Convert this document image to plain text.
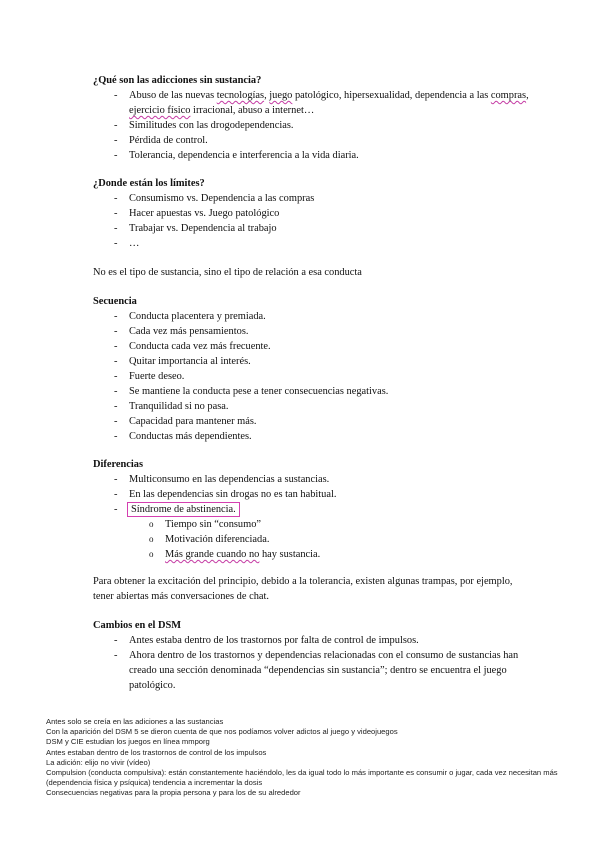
¿Qué son las adicciones sin sustancia?
- Abuso de las nuevas tecnologías, juego patológico, hipersexualidad, dependencia a las compras, ejercicio físico irracional, abuso a internet…
- Similitudes con las drogodependencias.
- Pérdida de control.
- Tolerancia, dependencia e interferencia a la vida diaria.
¿Donde están los límites?
- Consumismo vs. Dependencia a las compras
- Hacer apuestas vs. Juego patológico
- Trabajar vs. Dependencia al trabajo
- …

No es el tipo de sustancia, sino el tipo de relación a esa conducta

Secuencia
- Conducta placentera y premiada.
- Cada vez más pensamientos.
- Conducta cada vez más frecuente.
- Quitar importancia al interés.
- Fuerte deseo.
- Se mantiene la conducta pese a tener consecuencias negativas.
- Tranquilidad si no pasa.
- Capacidad para mantener más.
- Conductas más dependientes.
Diferencias
- Multiconsumo en las dependencias a sustancias.
- En las dependencias sin drogas no es tan habitual.
- Síndrome de abstinencia.
o Tiempo sin “consumo”
o Motivación diferenciada.
o Más grande cuando no hay sustancia.

Para obtener la excitación del principio, debido a la tolerancia, existen algunas trampas, por ejemplo, tener abiertas más conversaciones de chat.

Cambios en el DSM
- Antes estaba dentro de los trastornos por falta de control de impulsos.
- Ahora dentro de los trastornos y dependencias relacionadas con el consumo de sustancias han creado una sección denominada “dependencias sin sustancia”; dentro se encuentra el juego patológico.
Antes solo se creía en las adiciones a las sustancias
Con la aparición del DSM 5 se dieron cuenta de que nos podíamos volver adictos al juego y videojuegos
DSM y CIE estudian los juegos en línea mmporg
Antes estaban dentro de los trastornos de control de los impulsos
La adición: elijo no vivir (vídeo)
Compulsion (conducta compulsiva): están constantemente haciéndolo, les da igual todo lo más importante es consumir o jugar, cada vez necesitan más (dependencia física y psíquica) tendencia a incrementar la dosis
Consecuencias negativas para la propia persona y para los de su alrededor
